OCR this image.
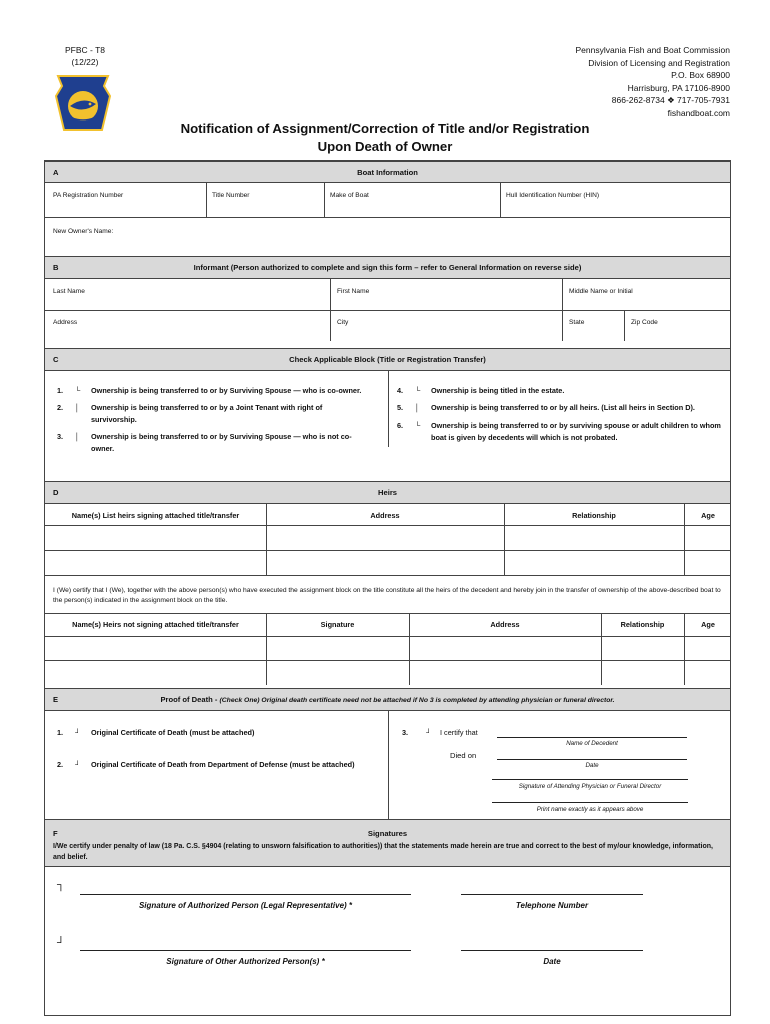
PFBC - T8
(12/22)
Pennsylvania Fish and Boat Commission
Division of Licensing and Registration
P.O. Box 68900
Harrisburg, PA 17106-8900
866-262-8734 ❖ 717-705-7931
fishandboat.com
Notification of Assignment/Correction of Title and/or Registration
Upon Death of Owner
A	Boat Information
PA Registration Number	Title Number	Make of Boat	Hull Identification Number (HIN)
New Owner's Name:
B	Informant (Person authorized to complete and sign this form – refer to General Information on reverse side)
Last Name	First Name	Middle Name or Initial
Address	City	State	Zip Code
C	Check Applicable Block (Title or Registration Transfer)
1. └ Ownership is being transferred to or by Surviving Spouse — who is co-owner.
2. │ Ownership is being transferred to or by a Joint Tenant with right of survivorship.
3. │ Ownership is being transferred to or by Surviving Spouse — who is not co-owner.
4. └ Ownership is being titled in the estate.
5. │ Ownership is being transferred to or by all heirs. (List all heirs in Section D).
6. └ Ownership is being transferred to or by surviving spouse or adult children to whom boat is given by decedents will which is not probated.
D	Heirs
Name(s) List heirs signing attached title/transfer	Address	Relationship	Age
I (We) certify that I (We), together with the above person(s) who have executed the assignment block on the title constitute all the heirs of the decedent and hereby join in the transfer of ownership of the above-described boat to the person(s) indicated in the assignment block on the title.
Name(s) Heirs not signing attached title/transfer	Signature	Address	Relationship	Age
E	Proof of Death - (Check One) Original death certificate need not be attached if No 3 is completed by attending physician or funeral director.
1. ┘ Original Certificate of Death (must be attached)
2. ┘ Original Certificate of Death from Department of Defense (must be attached)
3. ┘ I certify that
Name of Decedent
Died on
Date
Signature of Attending Physician or Funeral Director
Print name exactly as it appears above
F	Signatures
I/We certify under penalty of law (18 Pa. C.S. §4904 (relating to unsworn falsification to authorities)) that the statements made herein are true and correct to the best of my/our knowledge, information, and belief.
┐
Signature of Authorized Person (Legal Representative) *	Telephone Number
┘
Signature of Other Authorized Person(s) *	Date
